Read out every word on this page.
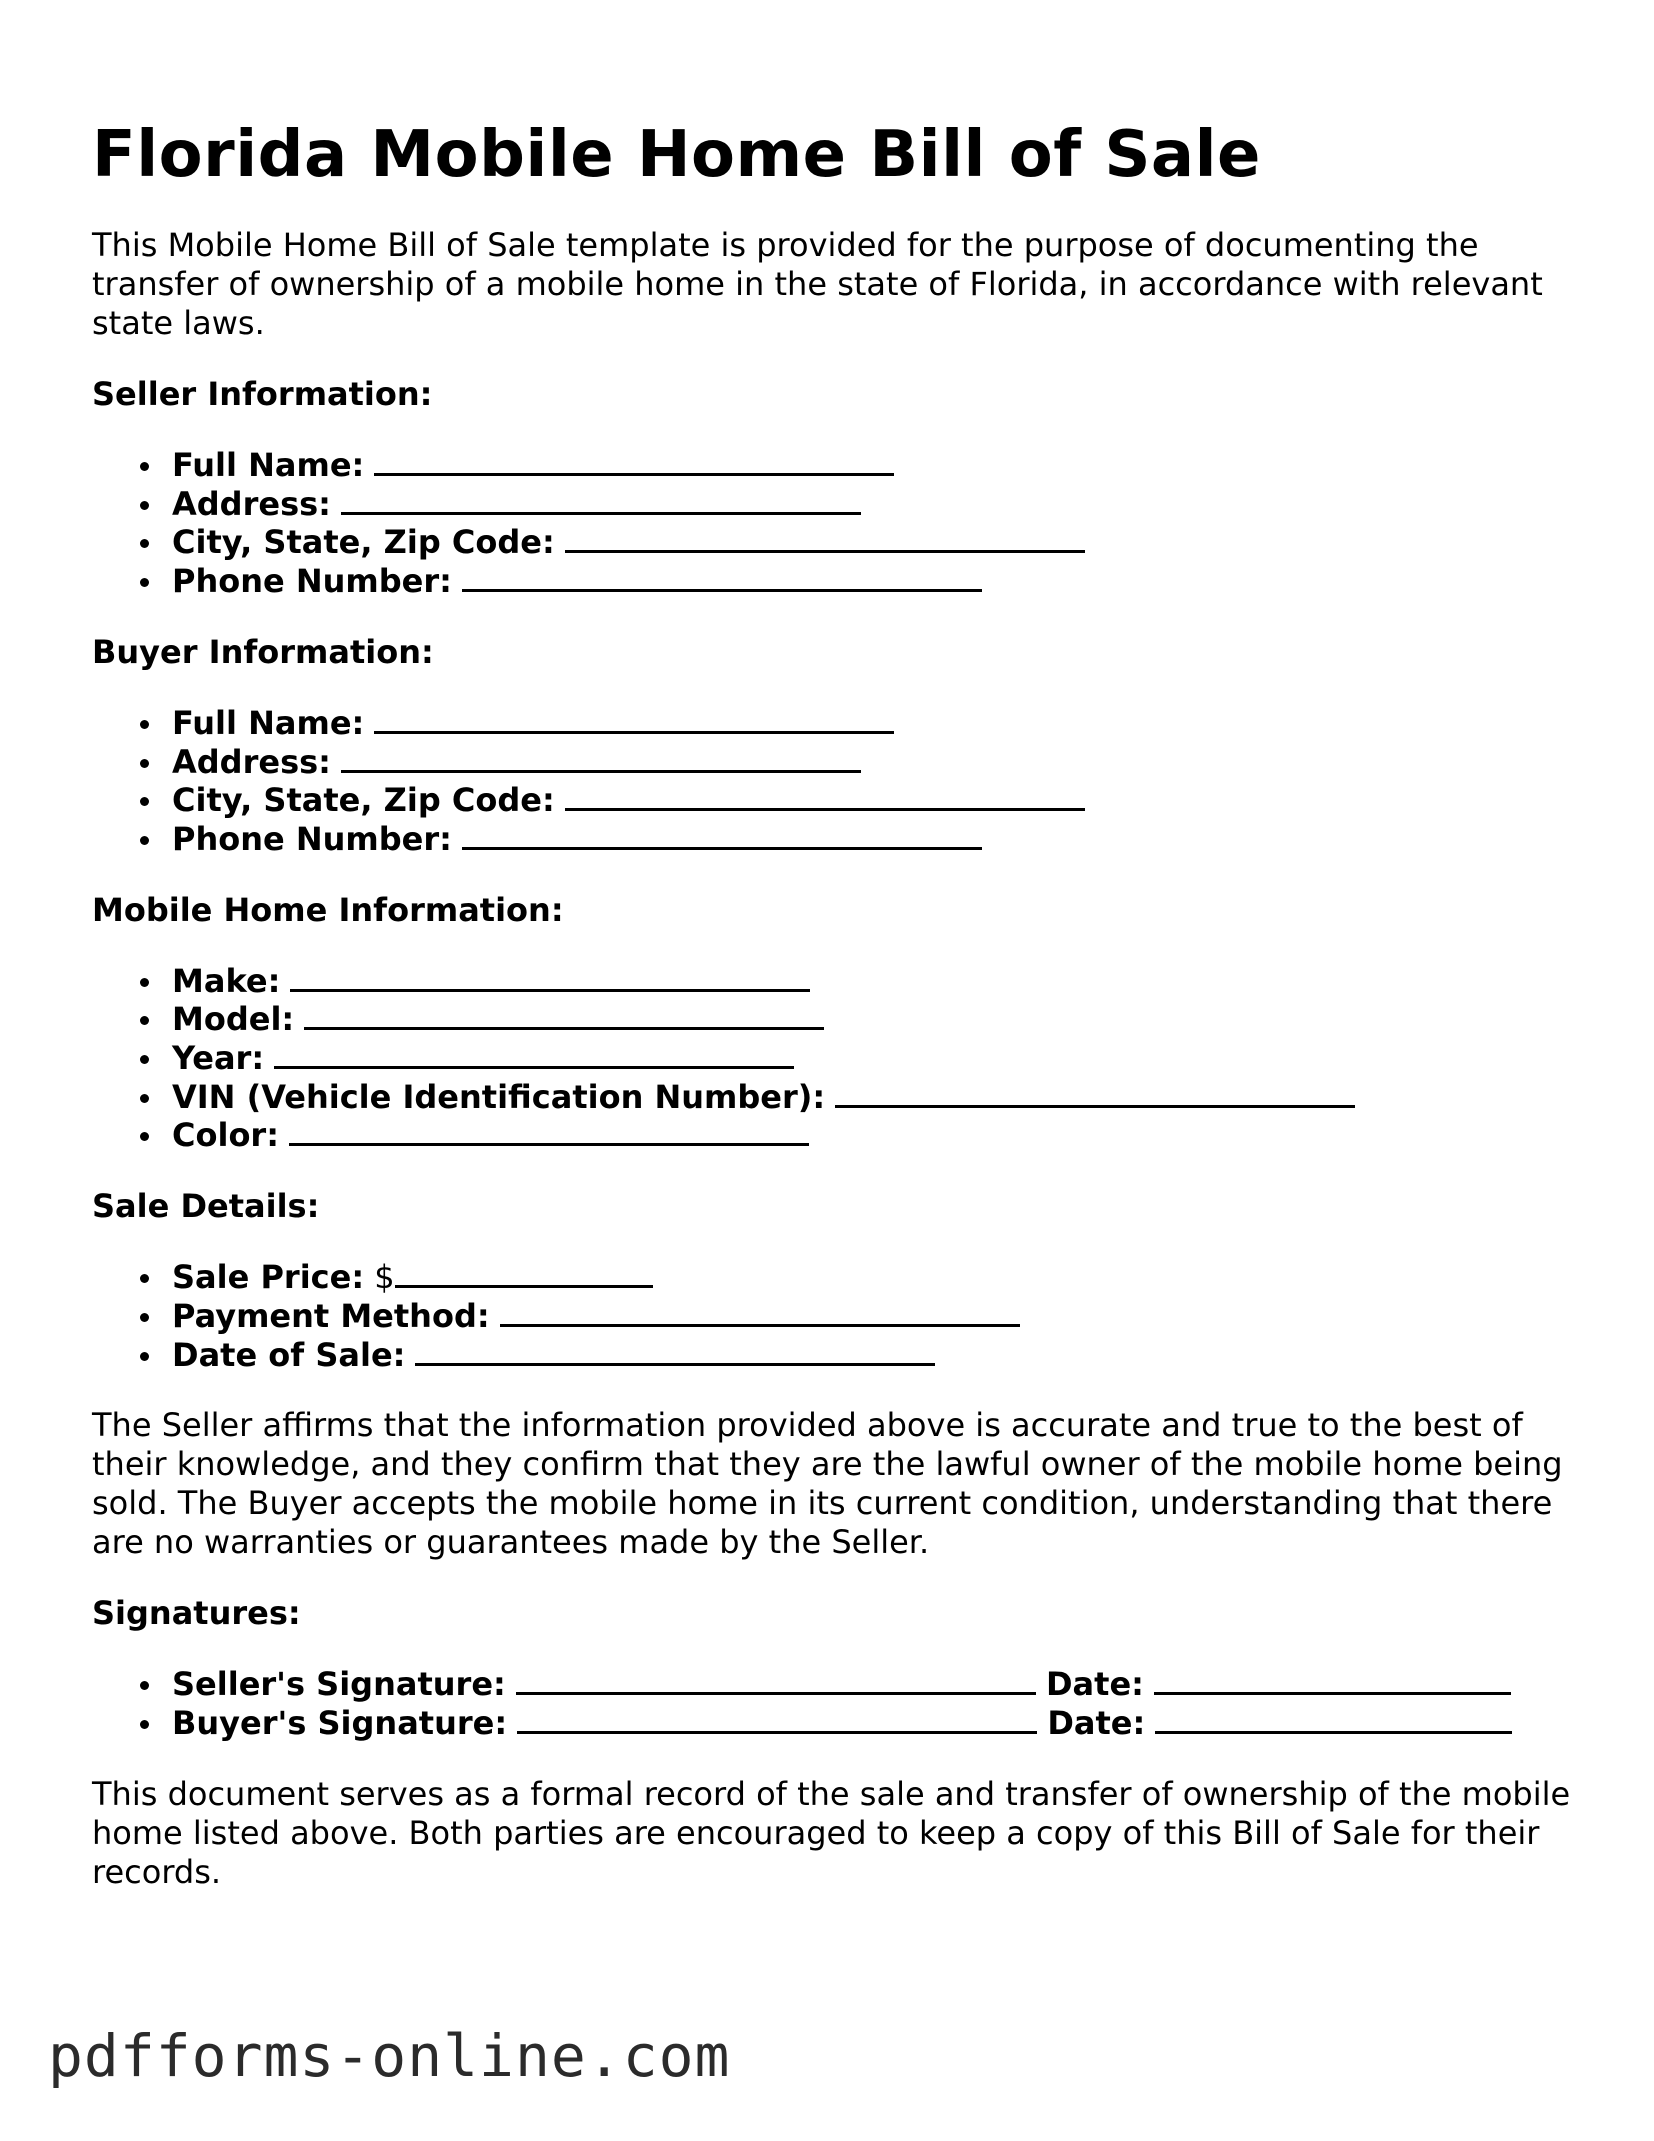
Florida Mobile Home Bill of Sale

This Mobile Home Bill of Sale template is provided for the purpose of documenting the transfer of ownership of a mobile home in the state of Florida, in accordance with relevant state laws.

Seller Information:
Full Name:
Address:
City, State, Zip Code:
Phone Number:
Buyer Information:
Full Name:
Address:
City, State, Zip Code:
Phone Number:
Mobile Home Information:
Make:
Model:
Year:
VIN (Vehicle Identification Number):
Color:
Sale Details:
Sale Price: $
Payment Method:
Date of Sale:

The Seller affirms that the information provided above is accurate and true to the best of their knowledge, and they confirm that they are the lawful owner of the mobile home being sold. The Buyer accepts the mobile home in its current condition, understanding that there are no warranties or guarantees made by the Seller.

Signatures:
Seller's Signature:	Date:
Buyer's Signature:	Date:

This document serves as a formal record of the sale and transfer of ownership of the mobile home listed above. Both parties are encouraged to keep a copy of this Bill of Sale for their records.

pdfforms-online.com
